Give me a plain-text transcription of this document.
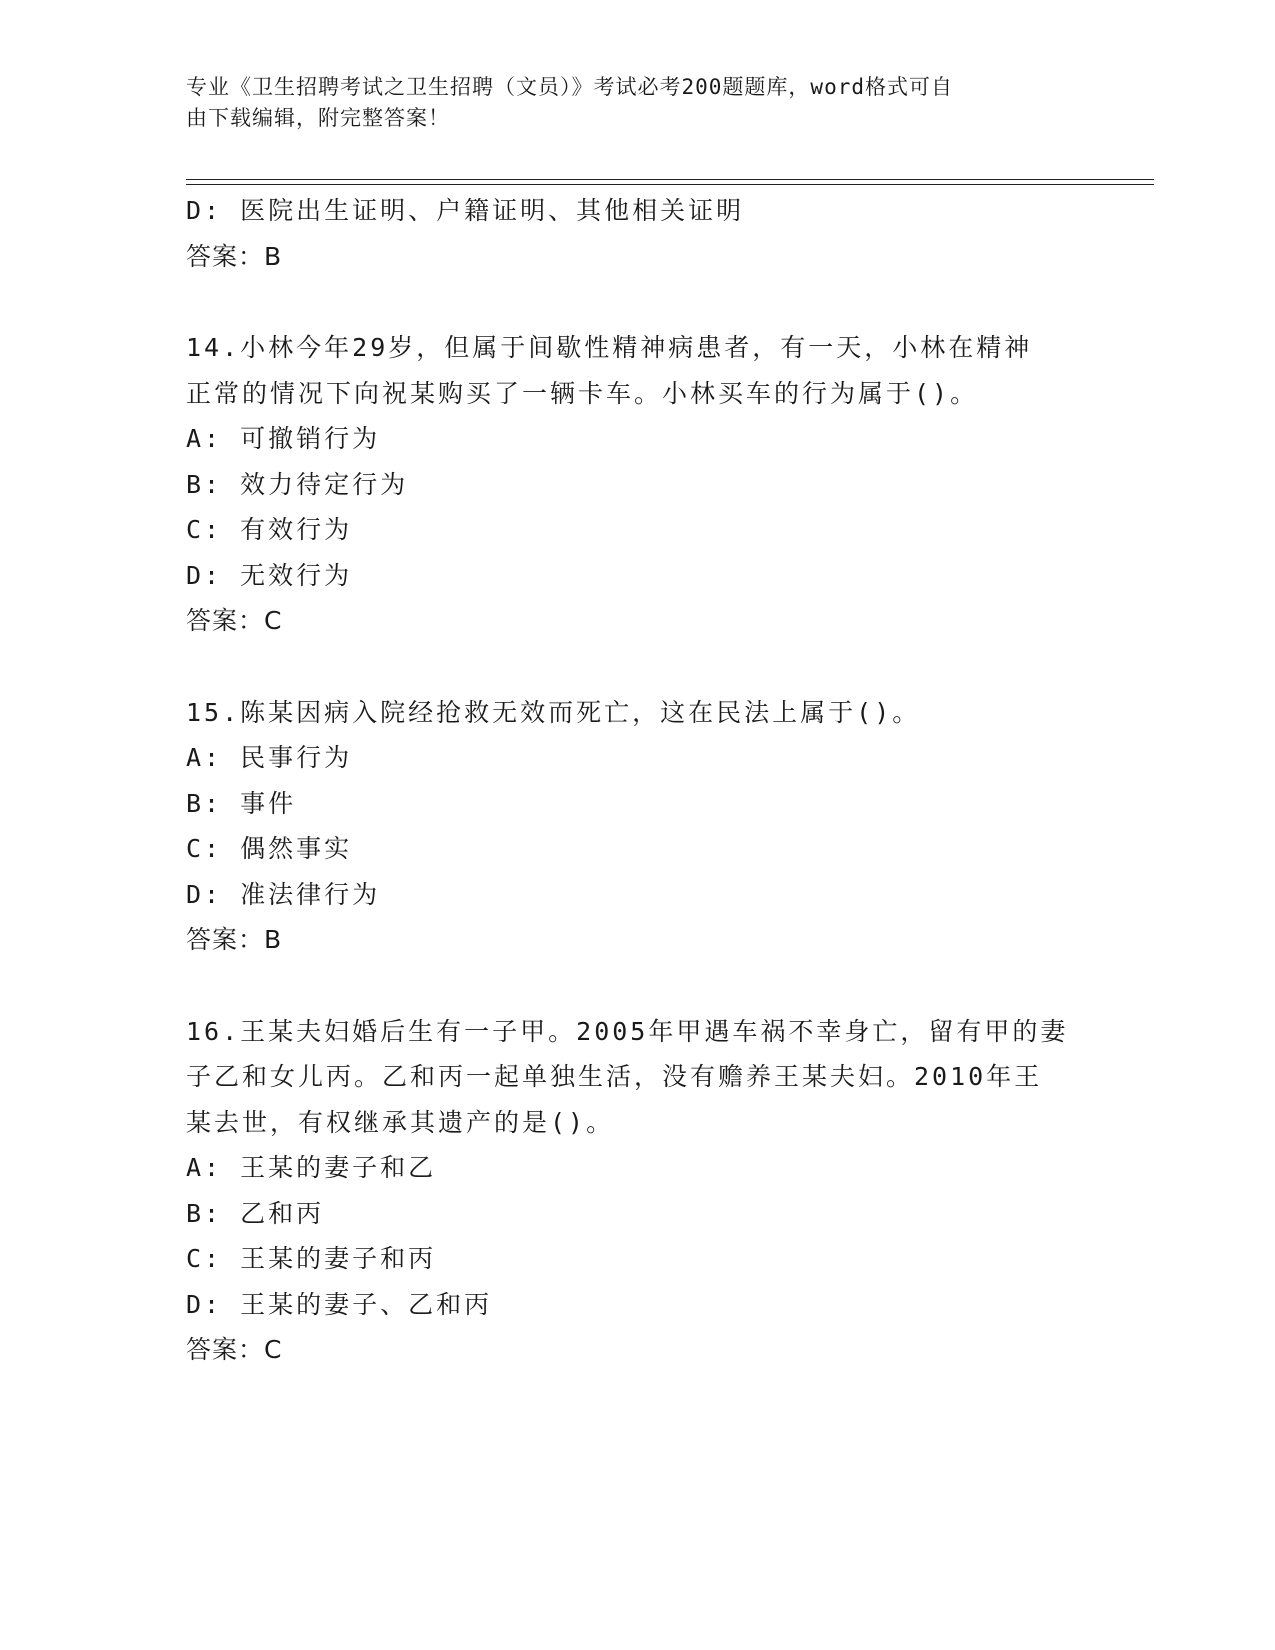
专业《卫生招聘考试之卫生招聘（文员）》考试必考200题题库，word格式可自
由下载编辑，附完整答案！
D: 医院出生证明、户籍证明、其他相关证明
答案：B
14.小林今年29岁，但属于间歇性精神病患者，有一天，小林在精神
正常的情况下向祝某购买了一辆卡车。小林买车的行为属于()。
A: 可撤销行为
B: 效力待定行为
C: 有效行为
D: 无效行为
答案：C
15.陈某因病入院经抢救无效而死亡，这在民法上属于()。
A: 民事行为
B: 事件
C: 偶然事实
D: 准法律行为
答案：B
16.王某夫妇婚后生有一子甲。2005年甲遇车祸不幸身亡，留有甲的妻
子乙和女儿丙。乙和丙一起单独生活，没有赡养王某夫妇。2010年王
某去世，有权继承其遗产的是()。
A: 王某的妻子和乙
B: 乙和丙
C: 王某的妻子和丙
D: 王某的妻子、乙和丙
答案：C
